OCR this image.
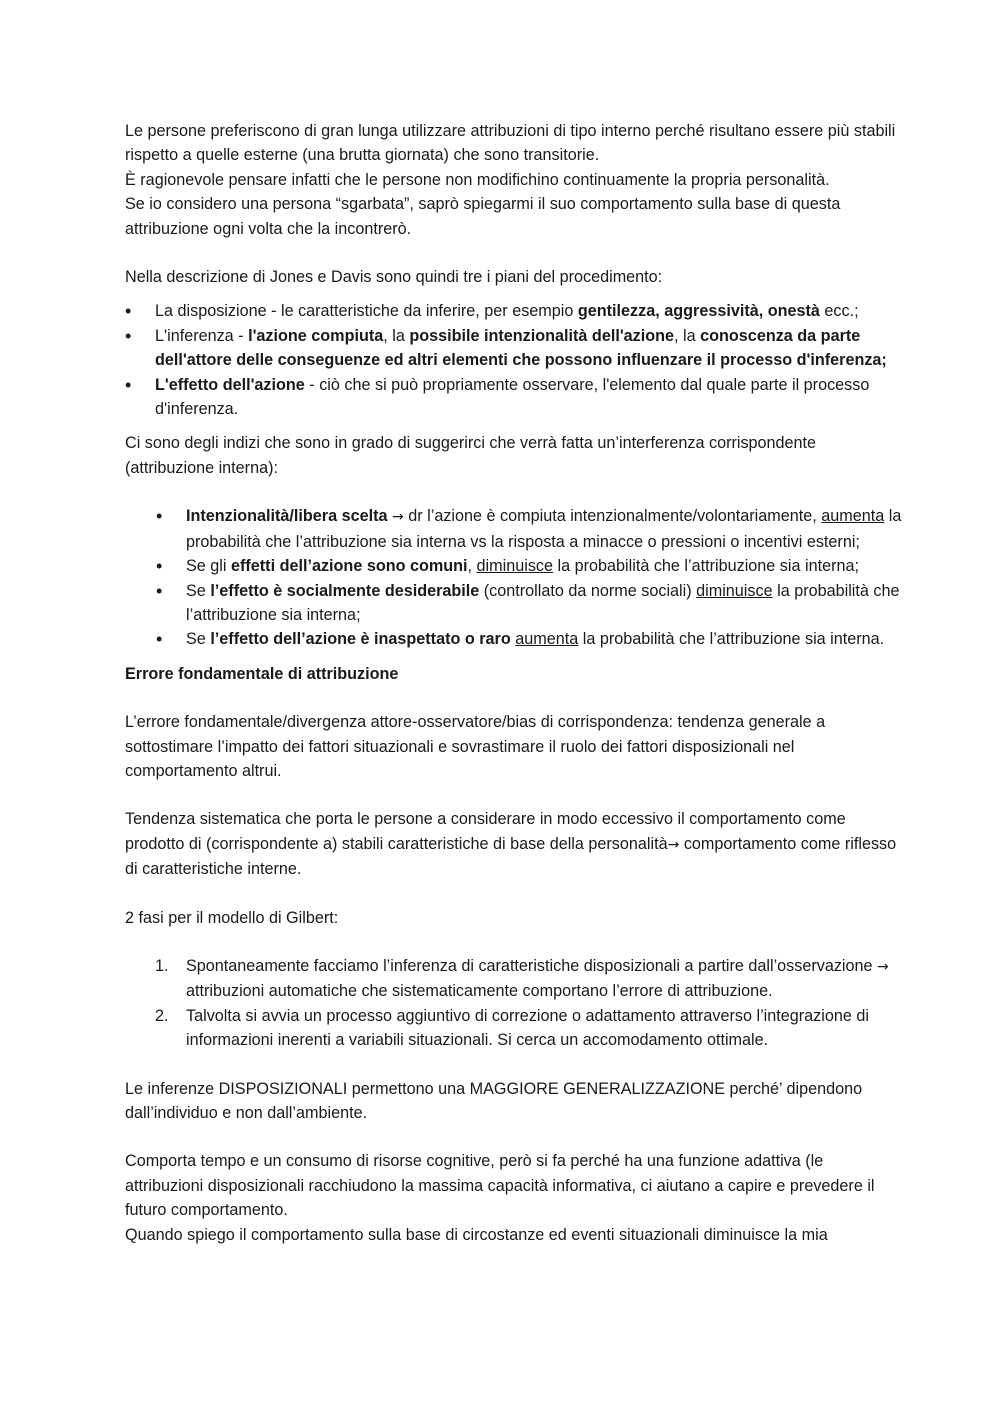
Le persone preferiscono di gran lunga utilizzare attribuzioni di tipo interno perché risultano essere più stabili rispetto a quelle esterne (una brutta giornata) che sono transitorie.

È ragionevole pensare infatti che le persone non modifichino continuamente la propria personalità.

Se io considero una persona “sgarbata”, saprò spiegarmi il suo comportamento sulla base di questa attribuzione ogni volta che la incontrerò.

Nella descrizione di Jones e Davis sono quindi tre i piani del procedimento:

• La disposizione - le caratteristiche da inferire, per esempio gentilezza, aggressività, onestà ecc.;
• L'inferenza - l'azione compiuta, la possibile intenzionalità dell'azione, la conoscenza da parte dell'attore delle conseguenze ed altri elementi che possono influenzare il processo d'inferenza;
• L'effetto dell'azione - ciò che si può propriamente osservare, l'elemento dal quale parte il processo d'inferenza.

Ci sono degli indizi che sono in grado di suggerirci che verrà fatta un’interferenza corrispondente (attribuzione interna):

• Intenzionalità/libera scelta → dr l’azione è compiuta intenzionalmente/volontariamente, aumenta la probabilità che l’attribuzione sia interna vs la risposta a minacce o pressioni o incentivi esterni;
• Se gli effetti dell’azione sono comuni, diminuisce la probabilità che l’attribuzione sia interna;
• Se l’effetto è socialmente desiderabile (controllato da norme sociali) diminuisce la probabilità che l’attribuzione sia interna;
• Se l’effetto dell’azione è inaspettato o raro aumenta la probabilità che l’attribuzione sia interna.

Errore fondamentale di attribuzione

L’errore fondamentale/divergenza attore-osservatore/bias di corrispondenza: tendenza generale a sottostimare l’impatto dei fattori situazionali e sovrastimare il ruolo dei fattori disposizionali nel comportamento altrui.

Tendenza sistematica che porta le persone a considerare in modo eccessivo il comportamento come prodotto di (corrispondente a) stabili caratteristiche di base della personalità→ comportamento come riflesso di caratteristiche interne.

2 fasi per il modello di Gilbert:

1. Spontaneamente facciamo l’inferenza di caratteristiche disposizionali a partire dall’osservazione → attribuzioni automatiche che sistematicamente comportano l’errore di attribuzione.
2. Talvolta si avvia un processo aggiuntivo di correzione o adattamento attraverso l’integrazione di informazioni inerenti a variabili situazionali. Si cerca un accomodamento ottimale.

Le inferenze DISPOSIZIONALI permettono una MAGGIORE GENERALIZZAZIONE perché’ dipendono dall’individuo e non dall’ambiente.

Comporta tempo e un consumo di risorse cognitive, però si fa perché ha una funzione adattiva (le attribuzioni disposizionali racchiudono la massima capacità informativa, ci aiutano a capire e prevedere il futuro comportamento.

Quando spiego il comportamento sulla base di circostanze ed eventi situazionali diminuisce la mia
